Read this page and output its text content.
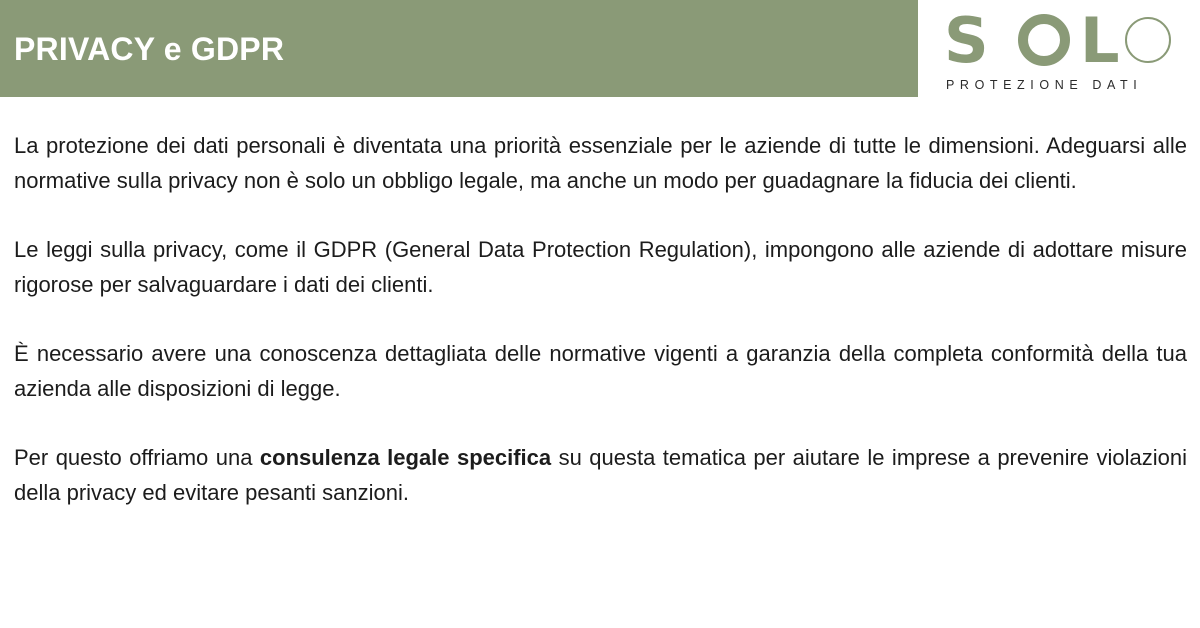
PRIVACY e GDPR	S L
PROTEZIONE DATI

La protezione dei dati personali è diventata una priorità essenziale per le aziende di tutte le dimensioni. Adeguarsi alle normative sulla privacy non è solo un obbligo legale, ma anche un modo per guadagnare la fiducia dei clienti.

Le leggi sulla privacy, come il GDPR (General Data Protection Regulation), impongono alle aziende di adottare misure rigorose per salvaguardare i dati dei clienti.

È necessario avere una conoscenza dettagliata delle normative vigenti a garanzia della completa conformità della tua azienda alle disposizioni di legge.

Per questo offriamo una consulenza legale specifica su questa tematica per aiutare le imprese a prevenire violazioni della privacy ed evitare pesanti sanzioni.
